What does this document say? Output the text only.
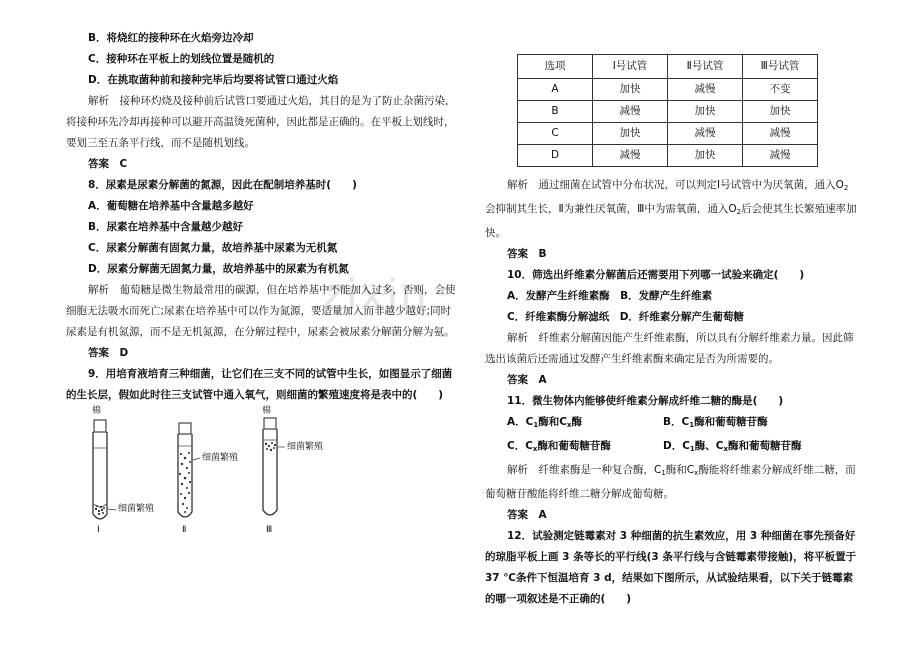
zixin

B．将烧红的接种环在火焰旁边冷却

C．接种环在平板上的划线位置是随机的

D．在挑取菌种前和接种完毕后均要将试管口通过火焰

解析　接种环灼烧及接种前后试管口要通过火焰，其目的是为了防止杂菌污染，将接种环先冷却再接种可以避开高温烫死菌种，因此都是正确的。在平板上划线时，要划三至五条平行线，而不是随机划线。

答案　C

8．尿素是尿素分解菌的氮源，因此在配制培养基时(　　)

A．葡萄糖在培养基中含量越多越好

B．尿素在培养基中含量越少越好

C．尿素分解菌有固氮力量，故培养基中尿素为无机氮

D．尿素分解菌无固氮力量，故培养基中的尿素为有机氮

解析　葡萄糖是微生物最常用的碳源，但在培养基中不能加入过多，否则，会使细胞无法吸水而死亡;尿素在培养基中可以作为氮源，要适量加入而非越少越好;同时尿素是有机氮源，而不是无机氮源，在分解过程中，尿素会被尿素分解菌分解为氨。

答案　D

9．用培育液培育三种细菌，让它们在三支不同的试管中生长，如图显示了细菌的生长层，假如此时往三支试管中通入氧气，则细菌的繁殖速度将是表中的(　　)

棉	棉
细菌繁殖
细菌繁殖
细菌繁殖
Ⅰ	Ⅱ	Ⅲ
选项	Ⅰ号试管	Ⅱ号试管	Ⅲ号试管
A	加快	减慢	不变
B	减慢	加快	加快
C	加快	减慢	减慢
D	减慢	加快	减慢

解析　通过细菌在试管中分布状况，可以判定Ⅰ号试管中为厌氧菌，通入$O_2$会抑制其生长，Ⅱ为兼性厌氧菌，Ⅲ中为需氧菌，通入$O_2$后会使其生长繁殖速率加快。

答案　B

10．筛选出纤维素分解菌后还需要用下列哪一试验来确定(　　)

A．发酵产生纤维素酶　B．发酵产生纤维素

C．纤维素酶分解滤纸　D．纤维素分解产生葡萄糖

解析　纤维素分解菌因能产生纤维素酶，所以具有分解纤维素力量。因此筛选出该菌后还需通过发酵产生纤维素酶来确定是否为所需要的。

答案　A

11．微生物体内能够使纤维素分解成纤维二糖的酶是(　　)

A．$C_1$酶和$C_x$酶	B．$C_1$酶和葡萄糖苷酶

C．$C_x$酶和葡萄糖苷酶	D．$C_1$酶、$C_x$酶和葡萄糖苷酶

解析　纤维素酶是一种复合酶，$C_1$酶和$C_x$酶能将纤维素分解成纤维二糖，而葡萄糖苷酸能将纤维二糖分解成葡萄糖。

答案　A

12．试验测定链霉素对 3 种细菌的抗生素效应，用 3 种细菌在事先预备好的琼脂平板上画 3 条等长的平行线(3 条平行线与含链霉素带接触)，将平板置于 37 ℃条件下恒温培育 3 d，结果如下图所示，从试验结果看，以下关于链霉素的哪一项叙述是不正确的(　　)
